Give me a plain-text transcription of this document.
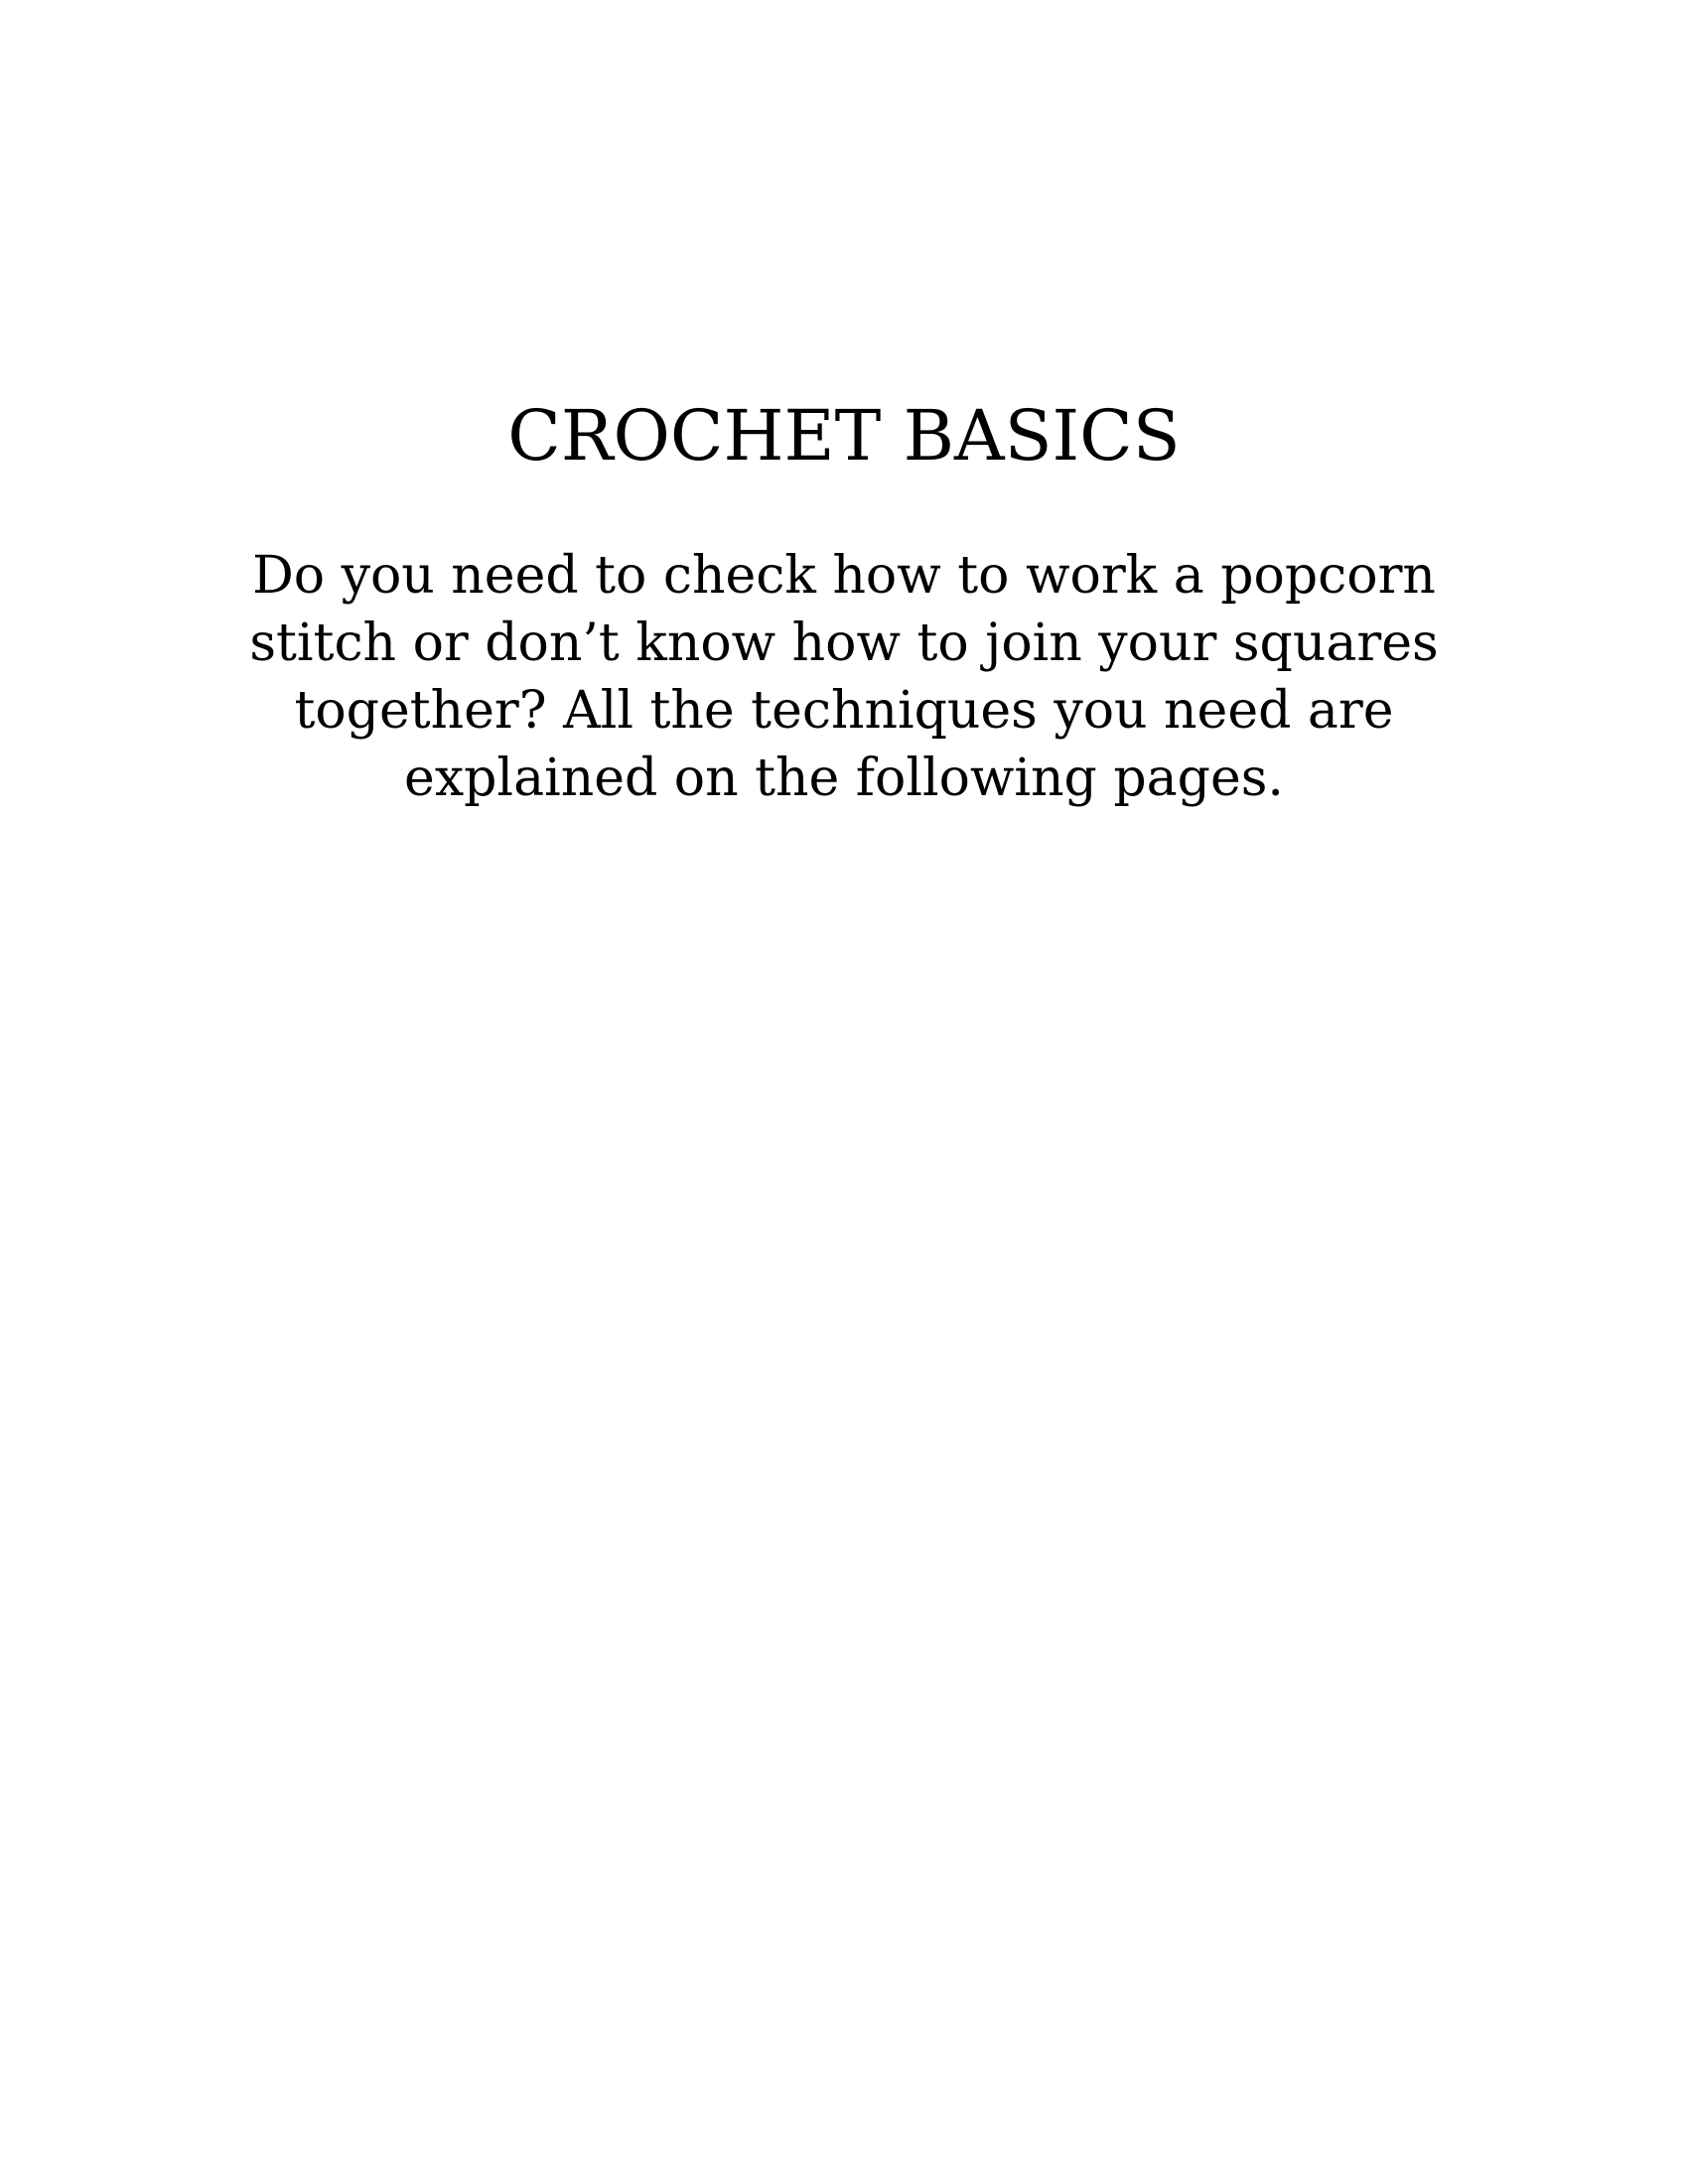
CROCHET BASICS
Do you need to check how to work a popcorn
stitch or don’t know how to join your squares
together? All the techniques you need are
explained on the following pages.
